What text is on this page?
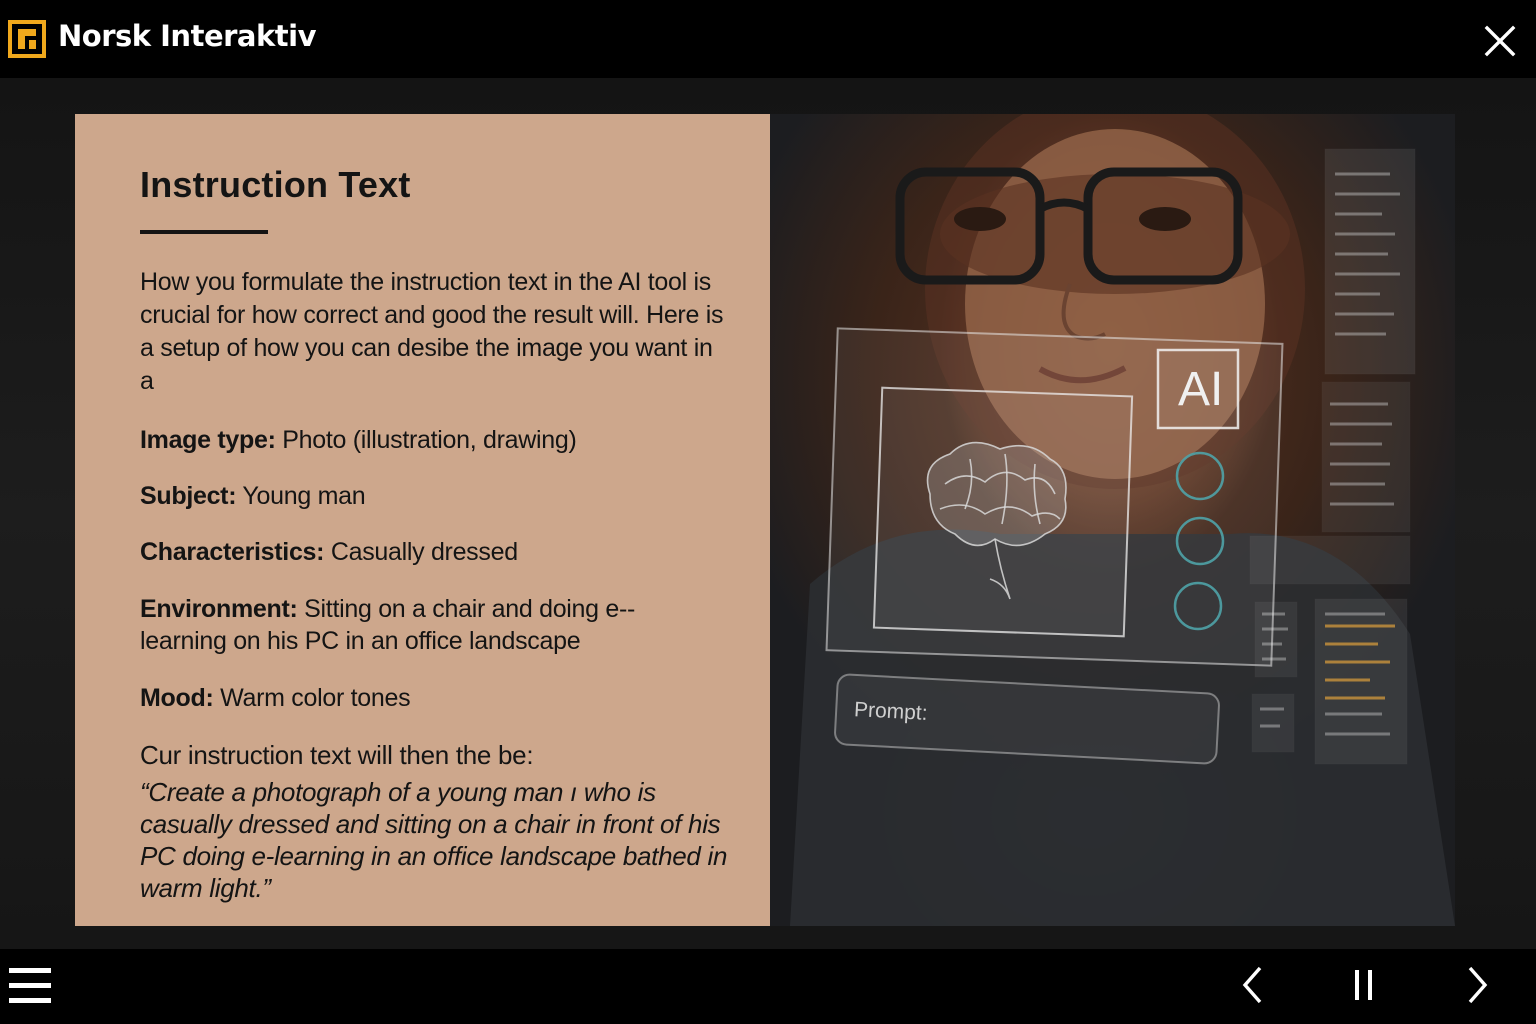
Norsk Interaktiv
Instruction Text

How you formulate the instruction text in the AI tool is crucial for how correct and good the result will. Here is a setup of how you can desibe the image you want in a

Image type: Photo (illustration, drawing)

Subject: Young man

Characteristics: Casually dressed

Environment: Sitting on a chair and doing e--learning on his PC in an office landscape

Mood: Warm color tones

Cur instruction text will then the be:

“Create a photograph of a young man ı who is casually dressed and sitting on a chair in front of his PC doing e-learning in an office landscape bathed in warm light.”

AI
Prompt:
